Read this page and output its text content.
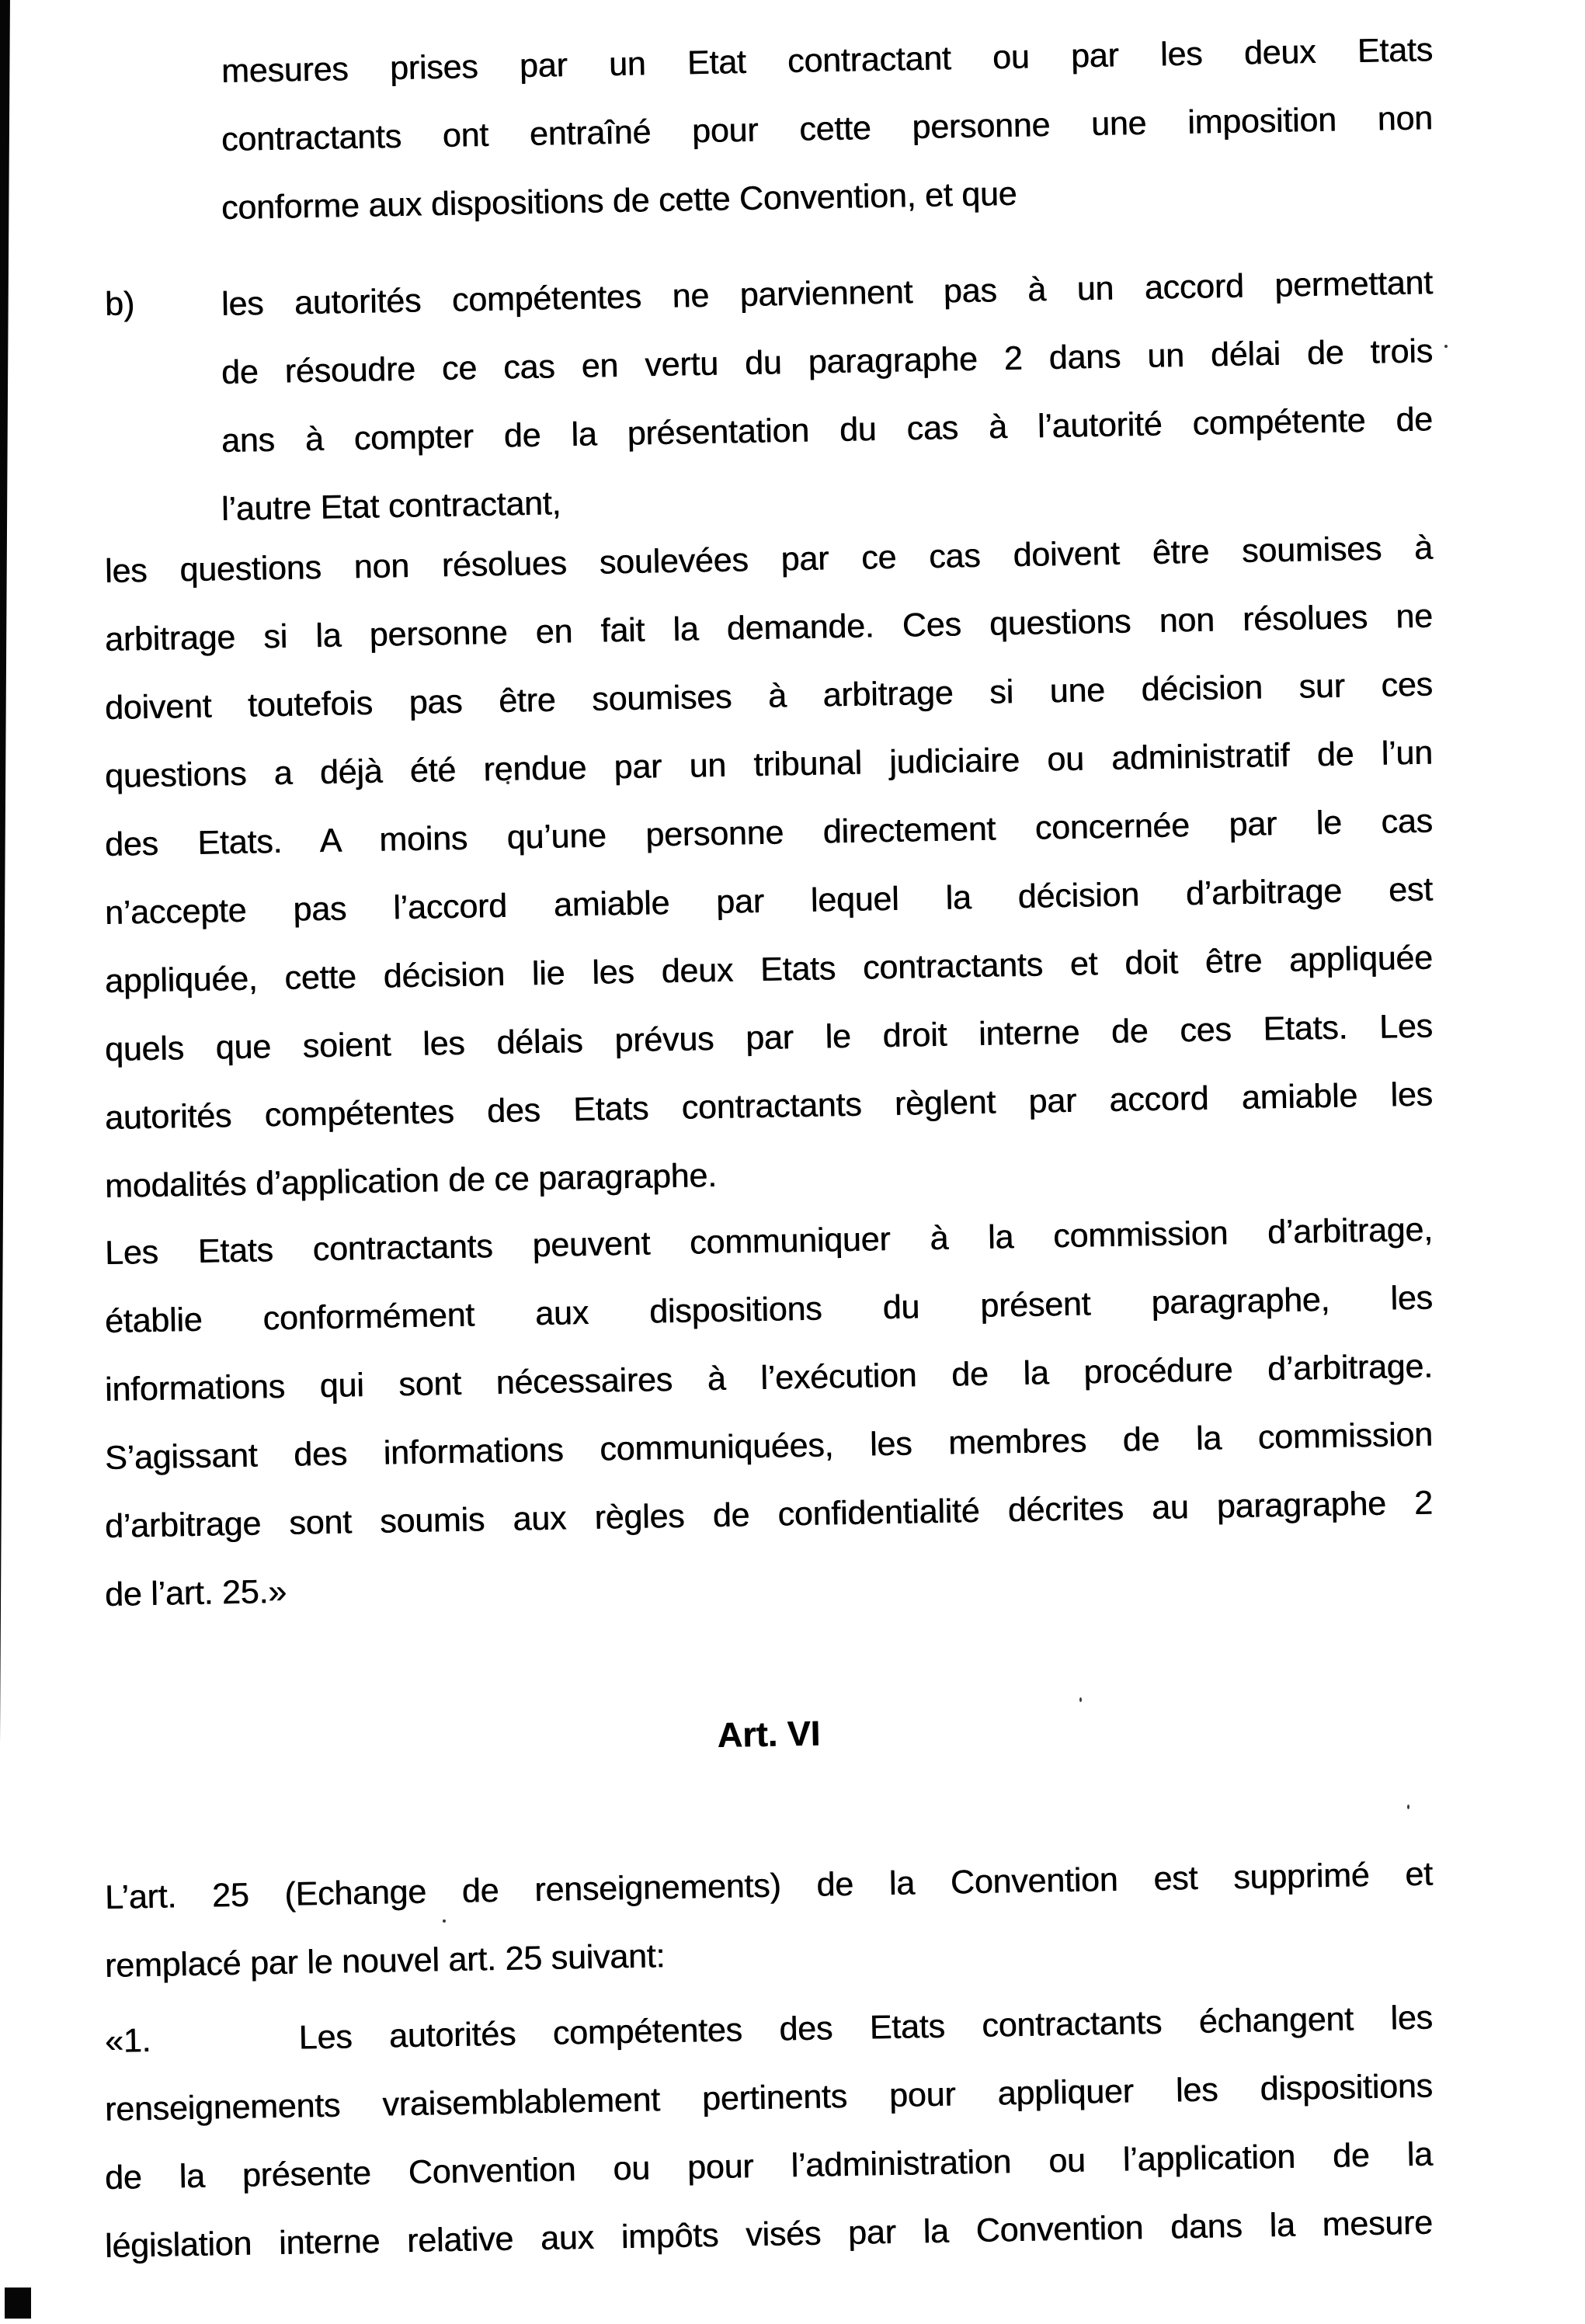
mesures prises par un Etat contractant ou par les deux Etats
contractants ont entraîné pour cette personne une imposition non
conforme aux dispositions de cette Convention, et que
b)	les autorités compétentes ne parviennent pas à un accord permettant
de résoudre ce cas en vertu du paragraphe 2 dans un délai de trois
ans à compter de la présentation du cas à l’autorité compétente de
l’autre Etat contractant,
les questions non résolues soulevées par ce cas doivent être soumises à
arbitrage si la personne en fait la demande. Ces questions non résolues ne
doivent toutefois pas être soumises à arbitrage si une décision sur ces
questions a déjà été rendue par un tribunal judiciaire ou administratif de l’un
des Etats. A moins qu’une personne directement concernée par le cas
n’accepte pas l’accord amiable par lequel la décision d’arbitrage est
appliquée, cette décision lie les deux Etats contractants et doit être appliquée
quels que soient les délais prévus par le droit interne de ces Etats. Les
autorités compétentes des Etats contractants règlent par accord amiable les
modalités d’application de ce paragraphe.
Les Etats contractants peuvent communiquer à la commission d’arbitrage,
établie conformément aux dispositions du présent paragraphe, les
informations qui sont nécessaires à l’exécution de la procédure d’arbitrage.
S’agissant des informations communiquées, les membres de la commission
d’arbitrage sont soumis aux règles de confidentialité décrites au paragraphe 2
de l’art. 25.»
Art. VI
L’art. 25 (Echange de renseignements) de la Convention est supprimé et
remplacé par le nouvel art. 25 suivant:
«1.    Les autorités compétentes des Etats contractants échangent les
renseignements vraisemblablement pertinents pour appliquer les dispositions
de la présente Convention ou pour l’administration ou l’application de la
législation interne relative aux impôts visés par la Convention dans la mesure
